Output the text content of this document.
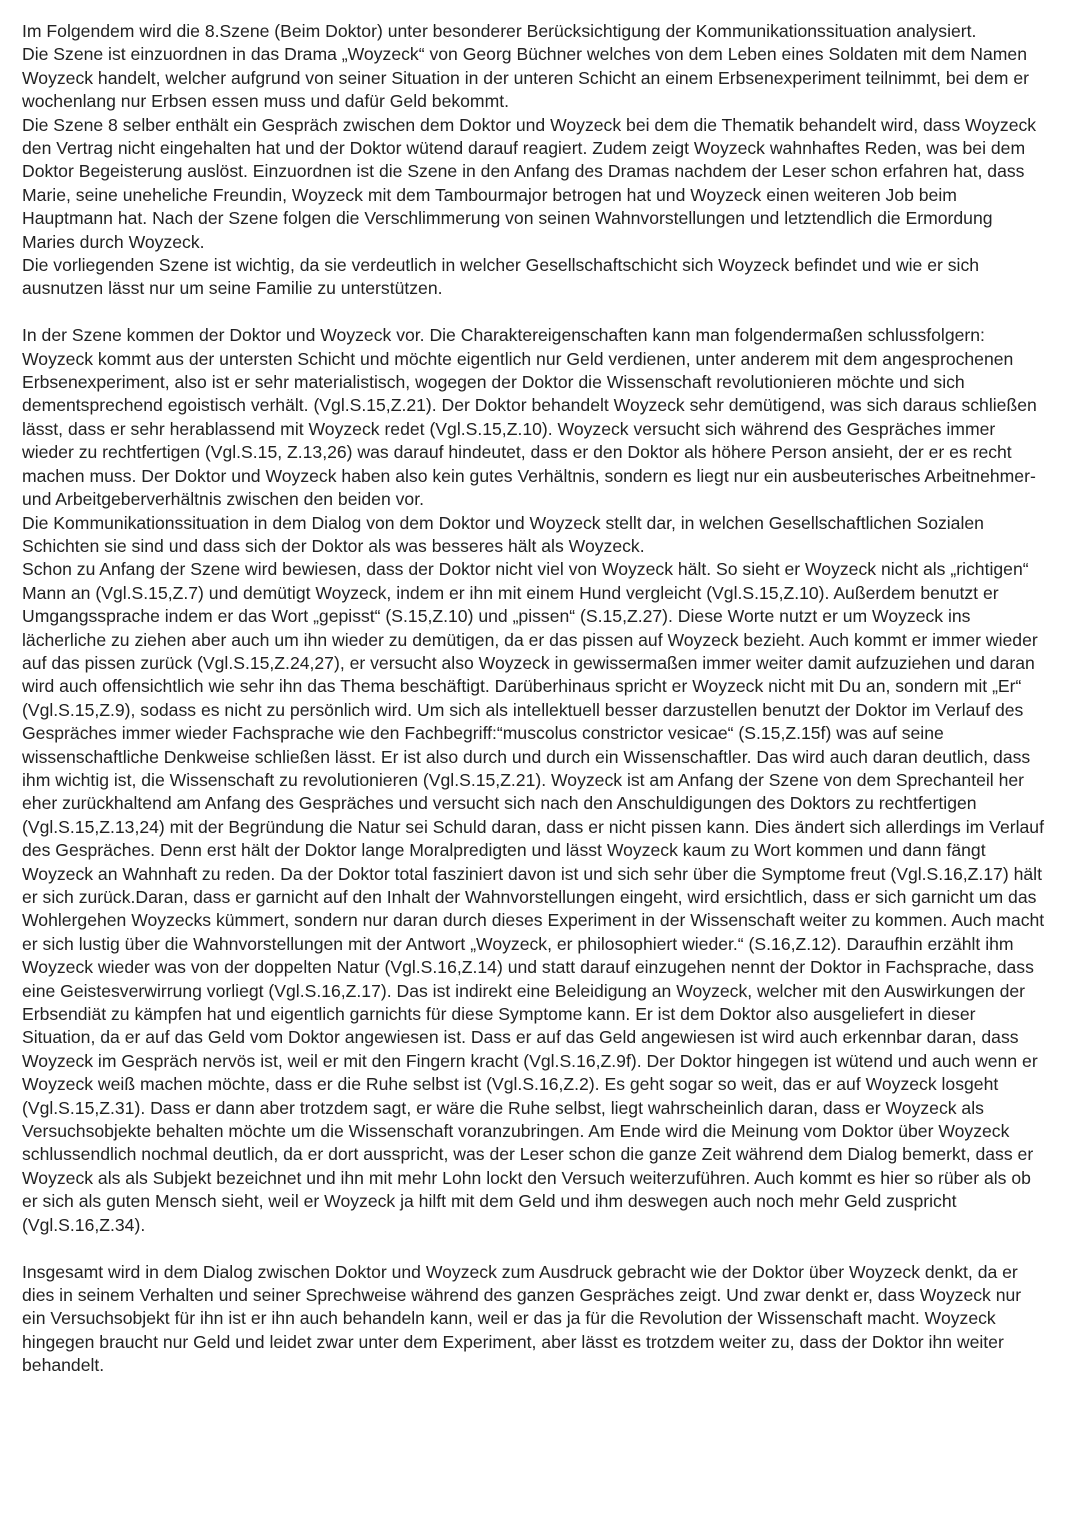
Im Folgendem wird die 8.Szene (Beim Doktor) unter besonderer Berücksichtigung der Kommunikationssituation analysiert.

Die Szene ist einzuordnen in das Drama „Woyzeck“ von Georg Büchner welches von dem Leben eines Soldaten mit dem Namen Woyzeck handelt, welcher aufgrund von seiner Situation in der unteren Schicht an einem Erbsenexperiment teilnimmt, bei dem er wochenlang nur Erbsen essen muss und dafür Geld bekommt.

Die Szene 8 selber enthält ein Gespräch zwischen dem Doktor und Woyzeck bei dem die Thematik behandelt wird, dass Woyzeck den Vertrag nicht eingehalten hat und der Doktor wütend darauf reagiert. Zudem zeigt Woyzeck wahnhaftes Reden, was bei dem Doktor Begeisterung auslöst. Einzuordnen ist die Szene in den Anfang des Dramas nachdem der Leser schon erfahren hat, dass Marie, seine uneheliche Freundin, Woyzeck mit dem Tambourmajor betrogen hat und Woyzeck einen weiteren Job beim Hauptmann hat. Nach der Szene folgen die Verschlimmerung von seinen Wahnvorstellungen und letztendlich die Ermordung Maries durch Woyzeck.

Die vorliegenden Szene ist wichtig, da sie verdeutlich in welcher Gesellschaftschicht sich Woyzeck befindet und wie er sich ausnutzen lässt nur um seine Familie zu unterstützen.

In der Szene kommen der Doktor und Woyzeck vor. Die Charaktereigenschaften kann man folgendermaßen schlussfolgern: Woyzeck kommt aus der untersten Schicht und möchte eigentlich nur Geld verdienen, unter anderem mit dem angesprochenen Erbsenexperiment, also ist er sehr materialistisch, wogegen der Doktor die Wissenschaft revolutionieren möchte und sich dementsprechend egoistisch verhält. (Vgl.S.15,Z.21). Der Doktor behandelt Woyzeck sehr demütigend, was sich daraus schließen lässt, dass er sehr herablassend mit Woyzeck redet (Vgl.S.15,Z.10). Woyzeck versucht sich während des Gespräches immer wieder zu rechtfertigen (Vgl.S.15, Z.13,26) was darauf hindeutet, dass er den Doktor als höhere Person ansieht, der er es recht machen muss. Der Doktor und Woyzeck haben also kein gutes Verhältnis, sondern es liegt nur ein ausbeuterisches Arbeitnehmer- und Arbeitgeberverhältnis zwischen den beiden vor.

Die Kommunikationssituation in dem Dialog von dem Doktor und Woyzeck stellt dar, in welchen Gesellschaftlichen Sozialen Schichten sie sind und dass sich der Doktor als was besseres hält als Woyzeck.

Schon zu Anfang der Szene wird bewiesen, dass der Doktor nicht viel von Woyzeck hält. So sieht er Woyzeck nicht als „richtigen“ Mann an (Vgl.S.15,Z.7) und demütigt Woyzeck, indem er ihn mit einem Hund vergleicht (Vgl.S.15,Z.10). Außerdem benutzt er Umgangssprache indem er das Wort „gepisst“ (S.15,Z.10) und „pissen“ (S.15,Z.27). Diese Worte nutzt er um Woyzeck ins lächerliche zu ziehen aber auch um ihn wieder zu demütigen, da er das pissen auf Woyzeck bezieht. Auch kommt er immer wieder auf das pissen zurück (Vgl.S.15,Z.24,27), er versucht also Woyzeck in gewissermaßen immer weiter damit aufzuziehen und daran wird auch offensichtlich wie sehr ihn das Thema beschäftigt. Darüberhinaus spricht er Woyzeck nicht mit Du an, sondern mit „Er“ (Vgl.S.15,Z.9), sodass es nicht zu persönlich wird. Um sich als intellektuell besser darzustellen benutzt der Doktor im Verlauf des Gespräches immer wieder Fachsprache wie den Fachbegriff:“muscolus constrictor vesicae“ (S.15,Z.15f) was auf seine wissenschaftliche Denkweise schließen lässt. Er ist also durch und durch ein Wissenschaftler. Das wird auch daran deutlich, dass ihm wichtig ist, die Wissenschaft zu revolutionieren (Vgl.S.15,Z.21). Woyzeck ist am Anfang der Szene von dem Sprechanteil her eher zurückhaltend am Anfang des Gespräches und versucht sich nach den Anschuldigungen des Doktors zu rechtfertigen (Vgl.S.15,Z.13,24) mit der Begründung die Natur sei Schuld daran, dass er nicht pissen kann. Dies ändert sich allerdings im Verlauf des Gespräches. Denn erst hält der Doktor lange Moralpredigten und lässt Woyzeck kaum zu Wort kommen und dann fängt Woyzeck an Wahnhaft zu reden. Da der Doktor total fasziniert davon ist und sich sehr über die Symptome freut (Vgl.S.16,Z.17) hält er sich zurück.Daran, dass er garnicht auf den Inhalt der Wahnvorstellungen eingeht, wird ersichtlich, dass er sich garnicht um das Wohlergehen Woyzecks kümmert, sondern nur daran durch dieses Experiment in der Wissenschaft weiter zu kommen. Auch macht er sich lustig über die Wahnvorstellungen mit der Antwort „Woyzeck, er philosophiert wieder.“ (S.16,Z.12). Daraufhin erzählt ihm Woyzeck wieder was von der doppelten Natur (Vgl.S.16,Z.14) und statt darauf einzugehen nennt der Doktor in Fachsprache, dass eine Geistesverwirrung vorliegt (Vgl.S.16,Z.17). Das ist indirekt eine Beleidigung an Woyzeck, welcher mit den Auswirkungen der Erbsendiät zu kämpfen hat und eigentlich garnichts für diese Symptome kann. Er ist dem Doktor also ausgeliefert in dieser Situation, da er auf das Geld vom Doktor angewiesen ist. Dass er auf das Geld angewiesen ist wird auch erkennbar daran, dass Woyzeck im Gespräch nervös ist, weil er mit den Fingern kracht (Vgl.S.16,Z.9f). Der Doktor hingegen ist wütend und auch wenn er Woyzeck weiß machen möchte, dass er die Ruhe selbst ist (Vgl.S.16,Z.2). Es geht sogar so weit, das er auf Woyzeck losgeht (Vgl.S.15,Z.31). Dass er dann aber trotzdem sagt, er wäre die Ruhe selbst, liegt wahrscheinlich daran, dass er Woyzeck als Versuchsobjekte behalten möchte um die Wissenschaft voranzubringen. Am Ende wird die Meinung vom Doktor über Woyzeck schlussendlich nochmal deutlich, da er dort ausspricht, was der Leser schon die ganze Zeit während dem Dialog bemerkt, dass er Woyzeck als als Subjekt bezeichnet und ihn mit mehr Lohn lockt den Versuch weiterzuführen. Auch kommt es hier so rüber als ob er sich als guten Mensch sieht, weil er Woyzeck ja hilft mit dem Geld und ihm deswegen auch noch mehr Geld zuspricht (Vgl.S.16,Z.34).

Insgesamt wird in dem Dialog zwischen Doktor und Woyzeck zum Ausdruck gebracht wie der Doktor über Woyzeck denkt, da er dies in seinem Verhalten und seiner Sprechweise während des ganzen Gespräches zeigt. Und zwar denkt er, dass Woyzeck nur ein Versuchsobjekt für ihn ist er ihn auch behandeln kann, weil er das ja für die Revolution der Wissenschaft macht. Woyzeck hingegen braucht nur Geld und leidet zwar unter dem Experiment, aber lässt es trotzdem weiter zu, dass der Doktor ihn weiter behandelt.
